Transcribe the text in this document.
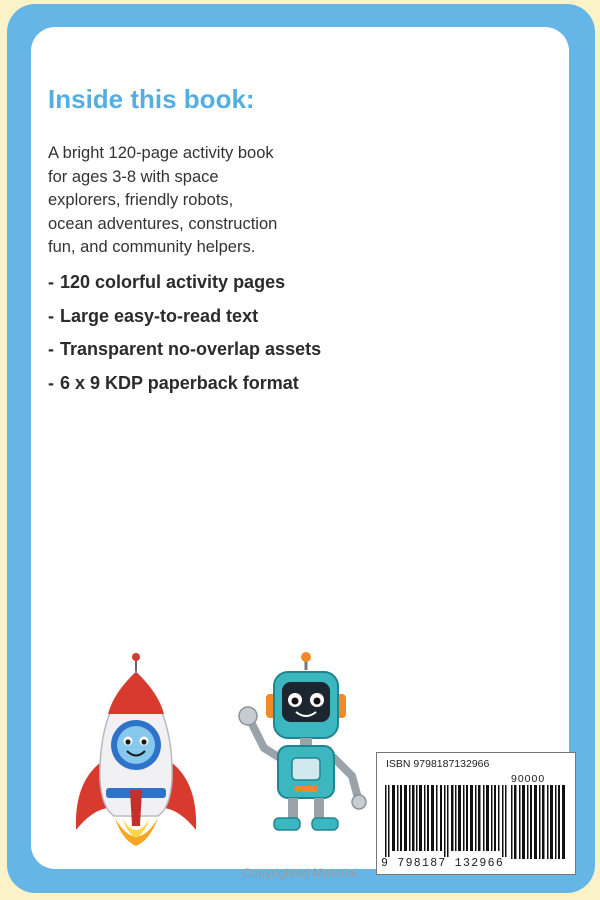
Inside this book:

A bright 120-page activity book
for ages 3-8 with space
explorers, friendly robots,
ocean adventures, construction
fun, and community helpers.

- 120 colorful activity pages
- Large easy-to-read text
- Transparent no-overlap assets
- 6 x 9 KDP paperback format
ISBN 9798187132966
90000
9 798187 132966
Copyrighted Material
